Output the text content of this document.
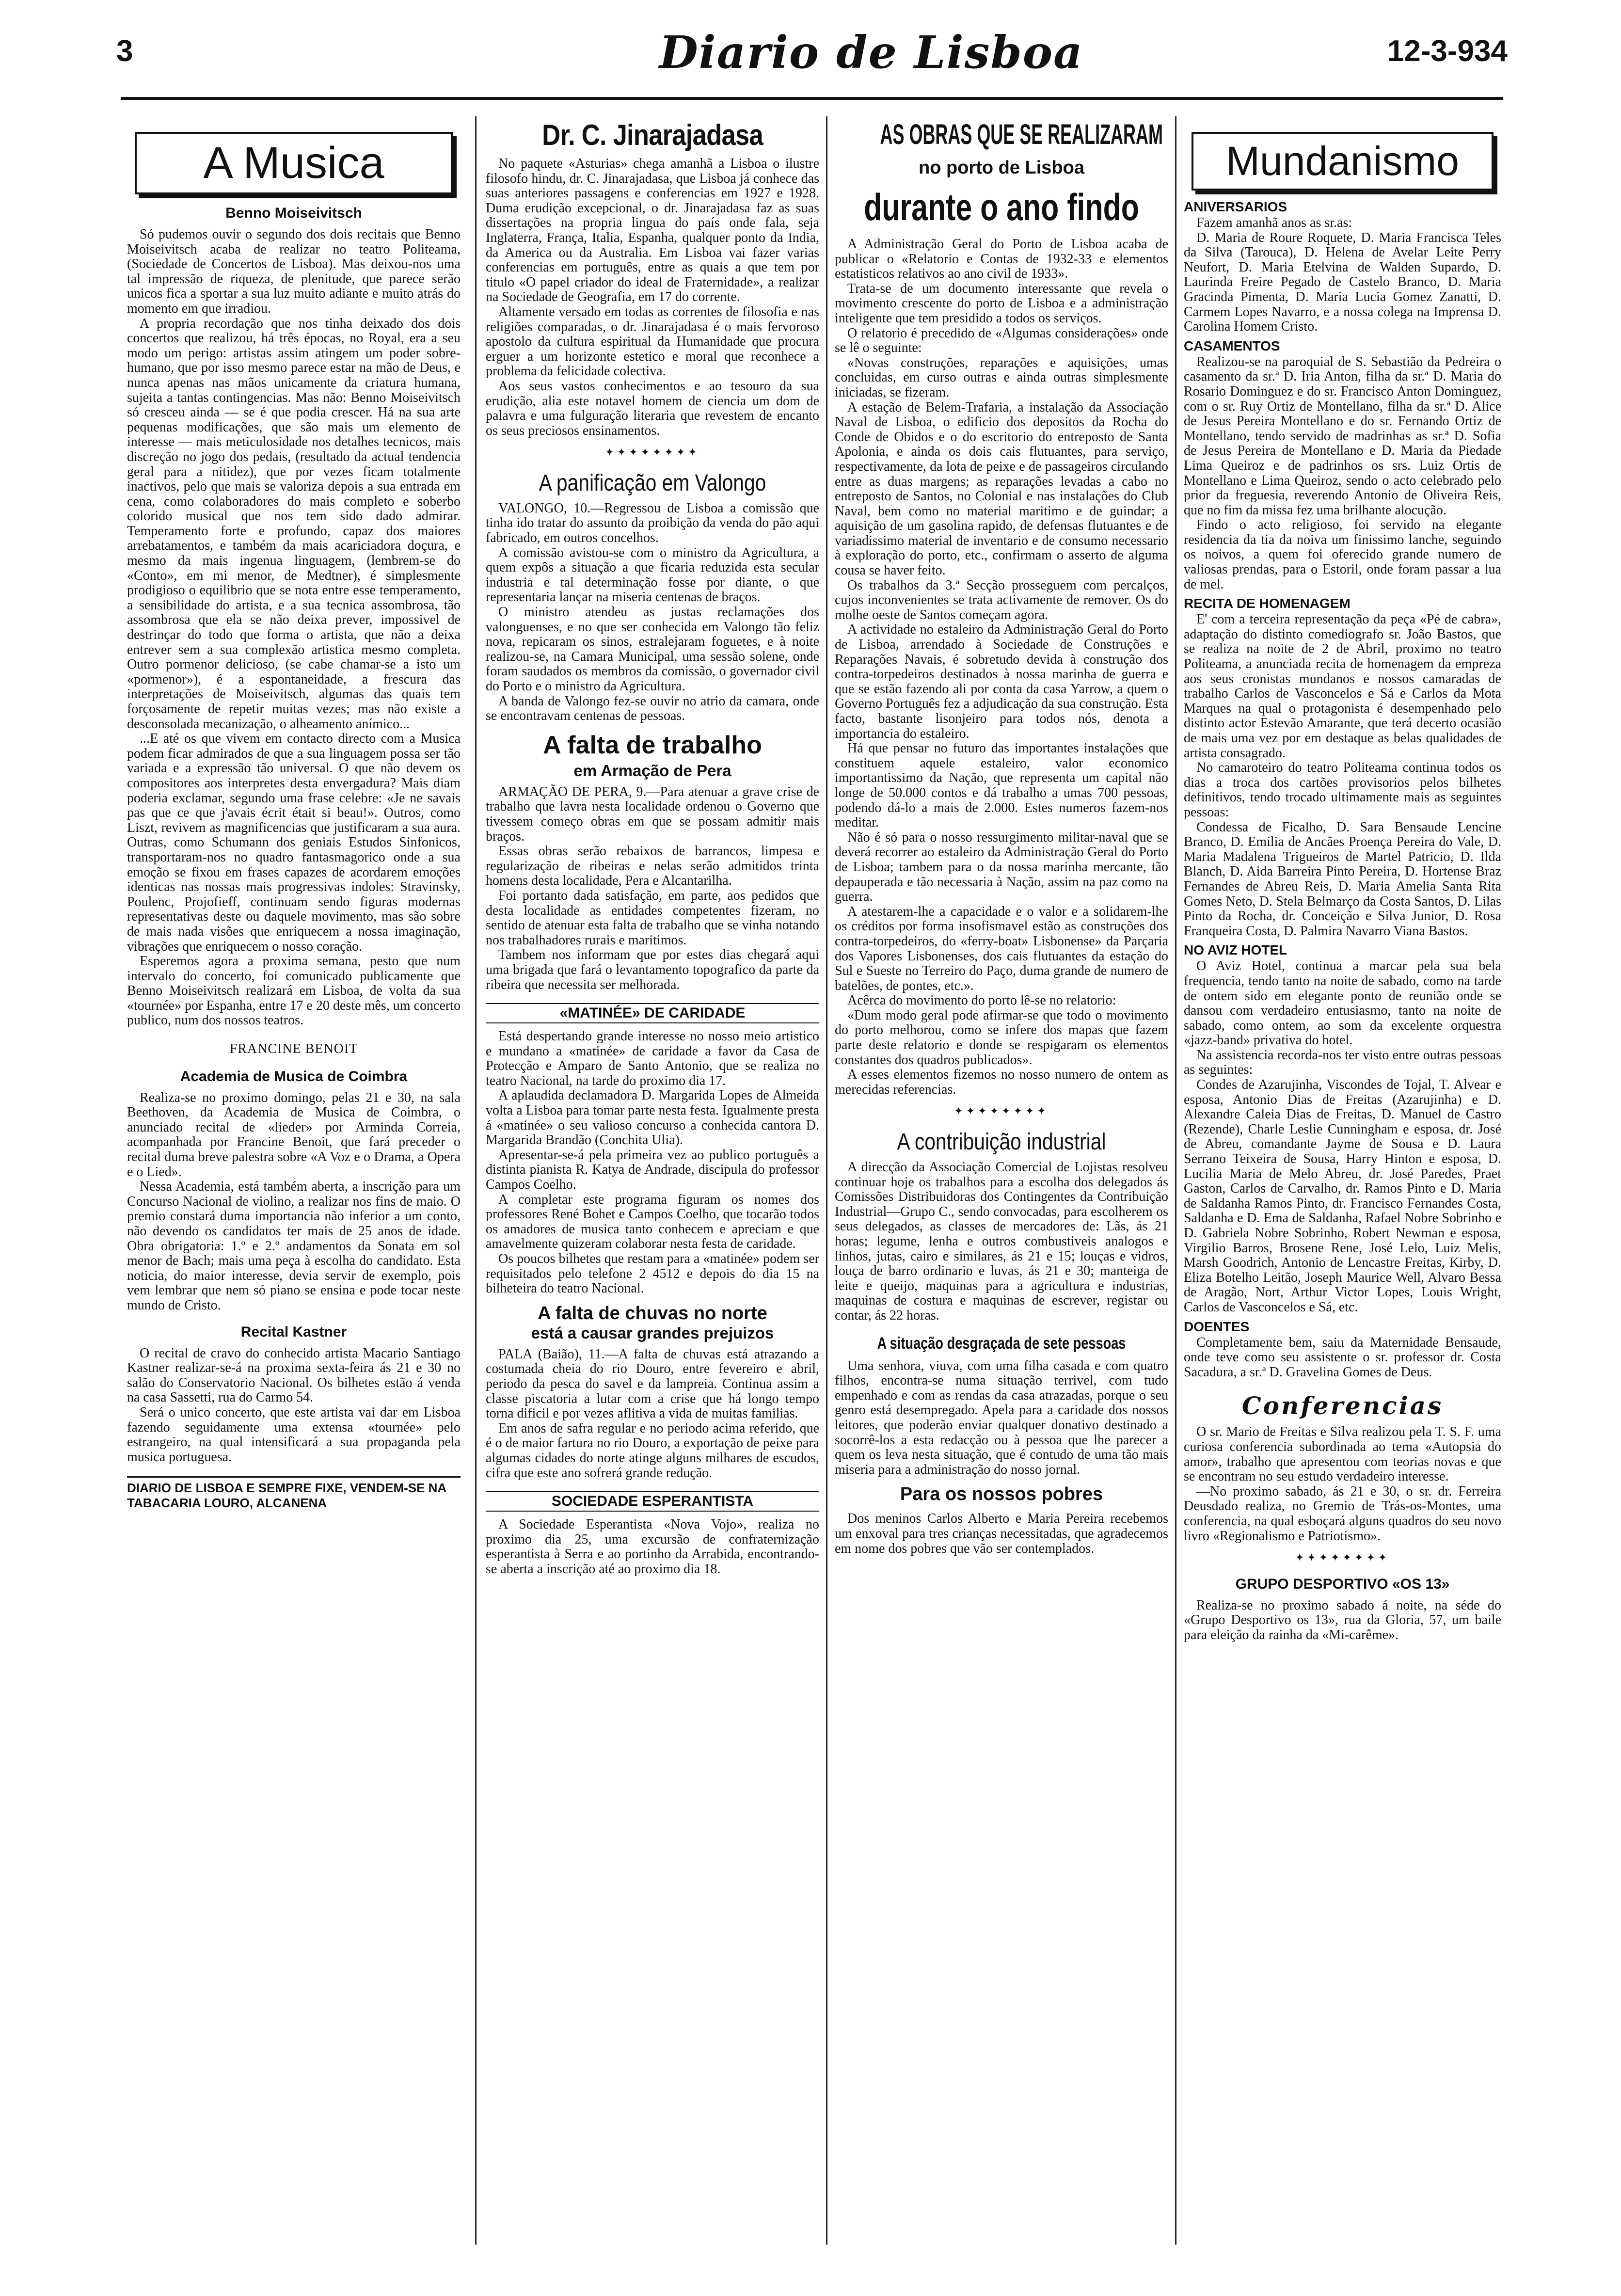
3	Diario de Lisboa	12-3-934
A Musica
Benno Moiseivitsch

Só pudemos ouvir o segundo dos dois recitais que Benno Moiseivitsch acaba de realizar no teatro Politeama, (Sociedade de Concertos de Lisboa). Mas deixou-nos uma tal impressão de riqueza, de plenitude, que parece serão unicos fica a sportar a sua luz muito adiante e muito atrás do momento em que irradiou.

A propria recordação que nos tinha deixado dos dois concertos que realizou, há três épocas, no Royal, era a seu modo um perigo: artistas assim atingem um poder sobre-humano, que por isso mesmo parece estar na mão de Deus, e nunca apenas nas mãos unicamente da criatura humana, sujeita a tantas contingencias. Mas não: Benno Moiseivitsch só cresceu ainda — se é que podia crescer. Há na sua arte pequenas modificações, que são mais um elemento de interesse — mais meticulosidade nos detalhes tecnicos, mais discreção no jogo dos pedais, (resultado da actual tendencia geral para a nitidez), que por vezes ficam totalmente inactivos, pelo que mais se valoriza depois a sua entrada em cena, como colaboradores do mais completo e soberbo colorido musical que nos tem sido dado admirar. Temperamento forte e profundo, capaz dos maiores arrebatamentos, e também da mais acariciadora doçura, e mesmo da mais ingenua linguagem, (lembrem-se do «Conto», em mi menor, de Medtner), é simplesmente prodigioso o equilibrio que se nota entre esse temperamento, a sensibilidade do artista, e a sua tecnica assombrosa, tão assombrosa que ela se não deixa prever, impossivel de destrinçar do todo que forma o artista, que não a deixa entrever sem a sua complexão artistica mesmo completa. Outro pormenor delicioso, (se cabe chamar-se a isto um «pormenor»), é a espontaneidade, a frescura das interpretações de Moiseivitsch, algumas das quais tem forçosamente de repetir muitas vezes; mas não existe a desconsolada mecanização, o alheamento anímico...

...E até os que vivem em contacto directo com a Musica podem ficar admirados de que a sua linguagem possa ser tão variada e a expressão tão universal. O que não devem os compositores aos interpretes desta envergadura? Mais diam poderia exclamar, segundo uma frase celebre: «Je ne savais pas que ce que j'avais écrit était si beau!». Outros, como Liszt, revivem as magnificencias que justificaram a sua aura. Outras, como Schumann dos geniais Estudos Sinfonicos, transportaram-nos no quadro fantasmagorico onde a sua emoção se fixou em frases capazes de acordarem emoções identicas nas nossas mais progressivas indoles: Stravinsky, Poulenc, Projofieff, continuam sendo figuras modernas representativas deste ou daquele movimento, mas são sobre de mais nada visões que enriquecem a nossa imaginação, vibrações que enriquecem o nosso coração.

Esperemos agora a proxima semana, pesto que num intervalo do concerto, foi comunicado publicamente que Benno Moiseivitsch realizará em Lisboa, de volta da sua «tournée» por Espanha, entre 17 e 20 deste mês, um concerto publico, num dos nossos teatros.

FRANCINE BENOIT
Academia de Musica de Coimbra

Realiza-se no proximo domingo, pelas 21 e 30, na sala Beethoven, da Academia de Musica de Coimbra, o anunciado recital de «lieder» por Arminda Correia, acompanhada por Francine Benoit, que fará preceder o recital duma breve palestra sobre «A Voz e o Drama, a Opera e o Lied».

Nessa Academia, está também aberta, a inscrição para um Concurso Nacional de violino, a realizar nos fins de maio. O premio constará duma importancia não inferior a um conto, não devendo os candidatos ter mais de 25 anos de idade. Obra obrigatoria: 1.º e 2.º andamentos da Sonata em sol menor de Bach; mais uma peça à escolha do candidato. Esta noticia, do maior interesse, devia servir de exemplo, pois vem lembrar que nem só piano se ensina e pode tocar neste mundo de Cristo.

Recital Kastner

O recital de cravo do conhecido artista Macario Santiago Kastner realizar-se-á na proxima sexta-feira ás 21 e 30 no salão do Conservatorio Nacional. Os bilhetes estão á venda na casa Sassetti, rua do Carmo 54.

Será o unico concerto, que este artista vai dar em Lisboa fazendo seguidamente uma extensa «tournée» pelo estrangeiro, na qual intensificará a sua propaganda pela musica portuguesa.

DIARIO DE LISBOA E SEMPRE FIXE, VENDEM-SE NA TABACARIA LOURO, ALCANENA
Dr. C. Jinarajadasa

No paquete «Asturias» chega amanhã a Lisboa o ilustre filosofo hindu, dr. C. Jinarajadasa, que Lisboa já conhece das suas anteriores passagens e conferencias em 1927 e 1928. Duma erudição excepcional, o dr. Jinarajadasa faz as suas dissertações na propria lingua do país onde fala, seja Inglaterra, França, Italia, Espanha, qualquer ponto da India, da America ou da Australia. Em Lisboa vai fazer varias conferencias em português, entre as quais a que tem por titulo «O papel criador do ideal de Fraternidade», a realizar na Sociedade de Geografia, em 17 do corrente.

Altamente versado em todas as correntes de filosofia e nas religiões comparadas, o dr. Jinarajadasa é o mais fervoroso apostolo da cultura espiritual da Humanidade que procura erguer a um horizonte estetico e moral que reconhece a problema da felicidade colectiva.

Aos seus vastos conhecimentos e ao tesouro da sua erudição, alia este notavel homem de ciencia um dom de palavra e uma fulguração literaria que revestem de encanto os seus preciosos ensinamentos.

✦✦✦✦✦✦✦✦
A panificação em Valongo

VALONGO, 10.—Regressou de Lisboa a comissão que tinha ido tratar do assunto da proibição da venda do pão aqui fabricado, em outros concelhos.

A comissão avistou-se com o ministro da Agricultura, a quem expôs a situação a que ficaria reduzida esta secular industria e tal determinação fosse por diante, o que representaria lançar na miseria centenas de braços.

O ministro atendeu as justas reclamações dos valonguenses, e no que ser conhecida em Valongo tão feliz nova, repicaram os sinos, estralejaram foguetes, e à noite realizou-se, na Camara Municipal, uma sessão solene, onde foram saudados os membros da comissão, o governador civil do Porto e o ministro da Agricultura.

A banda de Valongo fez-se ouvir no atrio da camara, onde se encontravam centenas de pessoas.

A falta de trabalho
em Armação de Pera

ARMAÇÃO DE PERA, 9.—Para atenuar a grave crise de trabalho que lavra nesta localidade ordenou o Governo que tivessem começo obras em que se possam admitir mais braços.

Essas obras serão rebaixos de barrancos, limpesa e regularização de ribeiras e nelas serão admitidos trinta homens desta localidade, Pera e Alcantarilha.

Foi portanto dada satisfação, em parte, aos pedidos que desta localidade as entidades competentes fizeram, no sentido de atenuar esta falta de trabalho que se vinha notando nos trabalhadores rurais e maritimos.

Tambem nos informam que por estes dias chegará aqui uma brigada que fará o levantamento topografico da parte da ribeira que necessita ser melhorada.

«MATINÉE» DE CARIDADE

Está despertando grande interesse no nosso meio artistico e mundano a «matinée» de caridade a favor da Casa de Protecção e Amparo de Santo Antonio, que se realiza no teatro Nacional, na tarde do proximo dia 17.

A aplaudida declamadora D. Margarida Lopes de Almeida volta a Lisboa para tomar parte nesta festa. Igualmente presta á «matinée» o seu valioso concurso a conhecida cantora D. Margarida Brandão (Conchita Ulia).

Apresentar-se-á pela primeira vez ao publico português a distinta pianista R. Katya de Andrade, discipula do professor Campos Coelho.

A completar este programa figuram os nomes dos professores René Bohet e Campos Coelho, que tocarão todos os amadores de musica tanto conhecem e apreciam e que amavelmente quizeram colaborar nesta festa de caridade.

Os poucos bilhetes que restam para a «matinée» podem ser requisitados pelo telefone 2 4512 e depois do dia 15 na bilheteira do teatro Nacional.

A falta de chuvas no norte
está a causar grandes prejuizos

PALA (Baião), 11.—A falta de chuvas está atrazando a costumada cheia do rio Douro, entre fevereiro e abril, periodo da pesca do savel e da lampreia. Continua assim a classe piscatoria a lutar com a crise que há longo tempo torna dificil e por vezes aflitiva a vida de muitas familias.

Em anos de safra regular e no periodo acima referido, que é o de maior fartura no rio Douro, a exportação de peixe para algumas cidades do norte atinge alguns milhares de escudos, cifra que este ano sofrerá grande redução.

SOCIEDADE ESPERANTISTA

A Sociedade Esperantista «Nova Vojo», realiza no proximo dia 25, uma excursão de confraternização esperantista à Serra e ao portinho da Arrabida, encontrando-se aberta a inscrição até ao proximo dia 18.

AS OBRAS QUE SE REALIZARAM
no porto de Lisboa
durante o ano findo

A Administração Geral do Porto de Lisboa acaba de publicar o «Relatorio e Contas de 1932-33 e elementos estatisticos relativos ao ano civil de 1933».

Trata-se de um documento interessante que revela o movimento crescente do porto de Lisboa e a administração inteligente que tem presidido a todos os serviços.

O relatorio é precedido de «Algumas considerações» onde se lê o seguinte:

«Novas construções, reparações e aquisições, umas concluidas, em curso outras e ainda outras simplesmente iniciadas, se fizeram.

A estação de Belem-Trafaria, a instalação da Associação Naval de Lisboa, o edificio dos depositos da Rocha do Conde de Obidos e o do escritorio do entreposto de Santa Apolonia, e ainda os dois cais flutuantes, para serviço, respectivamente, da lota de peixe e de passageiros circulando entre as duas margens; as reparações levadas a cabo no entreposto de Santos, no Colonial e nas instalações do Club Naval, bem como no material maritimo e de guindar; a aquisição de um gasolina rapido, de defensas flutuantes e de variadissimo material de inventario e de consumo necessario à exploração do porto, etc., confirmam o asserto de alguma cousa se haver feito.

Os trabalhos da 3.ª Secção prosseguem com percalços, cujos inconvenientes se trata activamente de remover. Os do molhe oeste de Santos começam agora.

A actividade no estaleiro da Administração Geral do Porto de Lisboa, arrendado à Sociedade de Construções e Reparações Navais, é sobretudo devida à construção dos contra-torpedeiros destinados à nossa marinha de guerra e que se estão fazendo ali por conta da casa Yarrow, a quem o Governo Português fez a adjudicação da sua construção. Esta facto, bastante lisonjeiro para todos nós, denota a importancia do estaleiro.

Há que pensar no futuro das importantes instalações que constituem aquele estaleiro, valor economico importantissimo da Nação, que representa um capital não longe de 50.000 contos e dá trabalho a umas 700 pessoas, podendo dá-lo a mais de 2.000. Estes numeros fazem-nos meditar.

Não é só para o nosso ressurgimento militar-naval que se deverá recorrer ao estaleiro da Administração Geral do Porto de Lisboa; tambem para o da nossa marinha mercante, tão depauperada e tão necessaria à Nação, assim na paz como na guerra.

A atestarem-lhe a capacidade e o valor e a solidarem-lhe os créditos por forma insofismavel estão as construções dos contra-torpedeiros, do «ferry-boat» Lisbonense» da Parçaria dos Vapores Lisbonenses, dos cais flutuantes da estação do Sul e Sueste no Terreiro do Paço, duma grande de numero de batelões, de pontes, etc.».

Acêrca do movimento do porto lê-se no relatorio:

«Dum modo geral pode afirmar-se que todo o movimento do porto melhorou, como se infere dos mapas que fazem parte deste relatorio e donde se respigaram os elementos constantes dos quadros publicados».

A esses elementos fizemos no nosso numero de ontem as merecidas referencias.

✦✦✦✦✦✦✦✦
A contribuição industrial

A direcção da Associação Comercial de Lojistas resolveu continuar hoje os trabalhos para a escolha dos delegados ás Comissões Distribuidoras dos Contingentes da Contribuição Industrial—Grupo C., sendo convocadas, para escolherem os seus delegados, as classes de mercadores de: Lãs, ás 21 horas; legume, lenha e outros combustiveis analogos e linhos, jutas, cairo e similares, ás 21 e 15; louças e vidros, louça de barro ordinario e luvas, ás 21 e 30; manteiga de leite e queijo, maquinas para a agricultura e industrias, maquinas de costura e maquinas de escrever, registar ou contar, ás 22 horas.

A situação desgraçada de sete pessoas

Uma senhora, viuva, com uma filha casada e com quatro filhos, encontra-se numa situação terrivel, com tudo empenhado e com as rendas da casa atrazadas, porque o seu genro está desempregado. Apela para a caridade dos nossos leitores, que poderão enviar qualquer donativo destinado a socorrê-los a esta redacção ou à pessoa que lhe parecer a quem os leva nesta situação, que é contudo de uma tão mais miseria para a administração do nosso jornal.

Para os nossos pobres

Dos meninos Carlos Alberto e Maria Pereira recebemos um enxoval para tres crianças necessitadas, que agradecemos em nome dos pobres que vão ser contemplados.

Mundanismo
ANIVERSARIOS

Fazem amanhã anos as sr.as:

D. Maria de Roure Roquete, D. Maria Francisca Teles da Silva (Tarouca), D. Helena de Avelar Leite Perry Neufort, D. Maria Etelvina de Walden Supardo, D. Laurinda Freire Pegado de Castelo Branco, D. Maria Gracinda Pimenta, D. Maria Lucia Gomez Zanatti, D. Carmem Lopes Navarro, e a nossa colega na Imprensa D. Carolina Homem Cristo.

CASAMENTOS

Realizou-se na paroquial de S. Sebastião da Pedreira o casamento da sr.ª D. Iria Anton, filha da sr.ª D. Maria do Rosario Dominguez e do sr. Francisco Anton Dominguez, com o sr. Ruy Ortiz de Montellano, filha da sr.ª D. Alice de Jesus Pereira Montellano e do sr. Fernando Ortiz de Montellano, tendo servido de madrinhas as sr.ª D. Sofia de Jesus Pereira de Montellano e D. Maria da Piedade Lima Queiroz e de padrinhos os srs. Luiz Ortis de Montellano e Lima Queiroz, sendo o acto celebrado pelo prior da freguesia, reverendo Antonio de Oliveira Reis, que no fim da missa fez uma brilhante alocução.

Findo o acto religioso, foi servido na elegante residencia da tia da noiva um finissimo lanche, seguindo os noivos, a quem foi oferecido grande numero de valiosas prendas, para o Estoril, onde foram passar a lua de mel.

RECITA DE HOMENAGEM

E' com a terceira representação da peça «Pé de cabra», adaptação do distinto comediografo sr. João Bastos, que se realiza na noite de 2 de Abril, proximo no teatro Politeama, a anunciada recita de homenagem da empreza aos seus cronistas mundanos e nossos camaradas de trabalho Carlos de Vasconcelos e Sá e Carlos da Mota Marques na qual o protagonista é desempenhado pelo distinto actor Estevão Amarante, que terá decerto ocasião de mais uma vez por em destaque as belas qualidades de artista consagrado.

No camaroteiro do teatro Politeama continua todos os dias a troca dos cartões provisorios pelos bilhetes definitivos, tendo trocado ultimamente mais as seguintes pessoas:

Condessa de Ficalho, D. Sara Bensaude Lencine Branco, D. Emilia de Ancães Proença Pereira do Vale, D. Maria Madalena Trigueiros de Martel Patricio, D. Ilda Blanch, D. Aida Barreira Pinto Pereira, D. Hortense Braz Fernandes de Abreu Reis, D. Maria Amelia Santa Rita Gomes Neto, D. Stela Belmarço da Costa Santos, D. Lilas Pinto da Rocha, dr. Conceição e Silva Junior, D. Rosa Franqueira Costa, D. Palmira Navarro Viana Bastos.

NO AVIZ HOTEL

O Aviz Hotel, continua a marcar pela sua bela frequencia, tendo tanto na noite de sabado, como na tarde de ontem sido em elegante ponto de reunião onde se dansou com verdadeiro entusiasmo, tanto na noite de sabado, como ontem, ao som da excelente orquestra «jazz-band» privativa do hotel.

Na assistencia recorda-nos ter visto entre outras pessoas as seguintes:

Condes de Azarujinha, Viscondes de Tojal, T. Alvear e esposa, Antonio Dias de Freitas (Azarujinha) e D. Alexandre Caleia Dias de Freitas, D. Manuel de Castro (Rezende), Charle Leslie Cunningham e esposa, dr. José de Abreu, comandante Jayme de Sousa e D. Laura Serrano Teixeira de Sousa, Harry Hinton e esposa, D. Lucilia Maria de Melo Abreu, dr. José Paredes, Praet Gaston, Carlos de Carvalho, dr. Ramos Pinto e D. Maria de Saldanha Ramos Pinto, dr. Francisco Fernandes Costa, Saldanha e D. Ema de Saldanha, Rafael Nobre Sobrinho e D. Gabriela Nobre Sobrinho, Robert Newman e esposa, Virgilio Barros, Brosene Rene, José Lelo, Luiz Melis, Marsh Goodrich, Antonio de Lencastre Freitas, Kirby, D. Eliza Botelho Leitão, Joseph Maurice Well, Alvaro Bessa de Aragão, Nort, Arthur Victor Lopes, Louis Wright, Carlos de Vasconcelos e Sá, etc.

DOENTES

Completamente bem, saiu da Maternidade Bensaude, onde teve como seu assistente o sr. professor dr. Costa Sacadura, a sr.ª D. Gravelina Gomes de Deus.

Conferencias

O sr. Mario de Freitas e Silva realizou pela T. S. F. uma curiosa conferencia subordinada ao tema «Autopsia do amor», trabalho que apresentou com teorias novas e que se encontram no seu estudo verdadeiro interesse.

—No proximo sabado, ás 21 e 30, o sr. dr. Ferreira Deusdado realiza, no Gremio de Trás-os-Montes, uma conferencia, na qual esboçará alguns quadros do seu novo livro «Regionalismo e Patriotismo».

✦✦✦✦✦✦✦✦
GRUPO DESPORTIVO «OS 13»

Realiza-se no proximo sabado á noite, na séde do «Grupo Desportivo os 13», rua da Gloria, 57, um baile para eleição da rainha da «Mi-carême».
